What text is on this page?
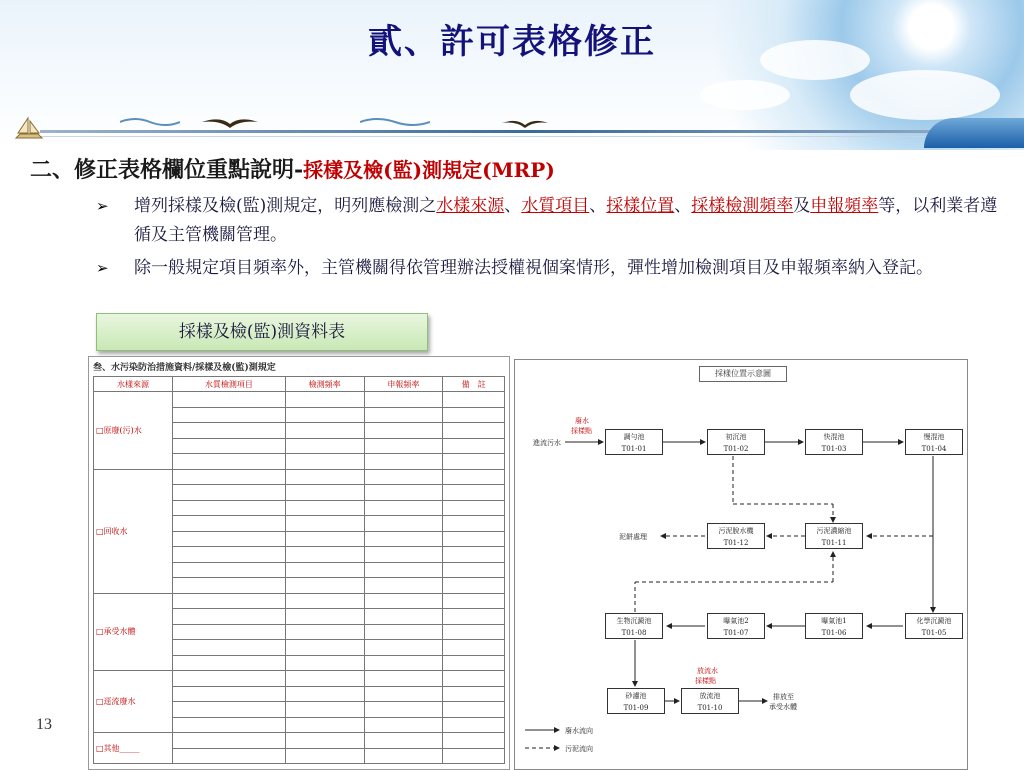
貳、許可表格修正
二、修正表格欄位重點說明-採樣及檢(監)測規定(MRP)
➢ 增列採樣及檢(監)測規定，明列應檢測之水樣來源、水質項目、採樣位置、採樣檢測頻率及申報頻率等，以利業者遵循及主管機關管理。
➢ 除一般規定項目頻率外，主管機關得依管理辦法授權視個案情形，彈性增加檢測項目及申報頻率納入登記。
採樣及檢(監)測資料表
13
叁、水污染防治措施資料/採樣及檢(監)測規定
水樣來源	水質檢測項目	檢測頻率	申報頻率	備　註
□原廢(污)水				

□回收水				

□承受水體				

□逕流廢水				

□其他_____				

採樣位置示意圖
進流污水
廢水
採樣點
調勻池
T01-01
初沉池
T01-02
快混池
T01-03
慢混池
T01-04
泥餅處理
污泥脫水機
T01-12
污泥濃縮池
T01-11
生物沉澱池
T01-08
曝氣池2
T01-07
曝氣池1
T01-06
化學沉澱池
T01-05
放流水
採樣點
砂濾池
T01-09
放流池
T01-10
排放至
承受水體
廢水流向
污泥流向
